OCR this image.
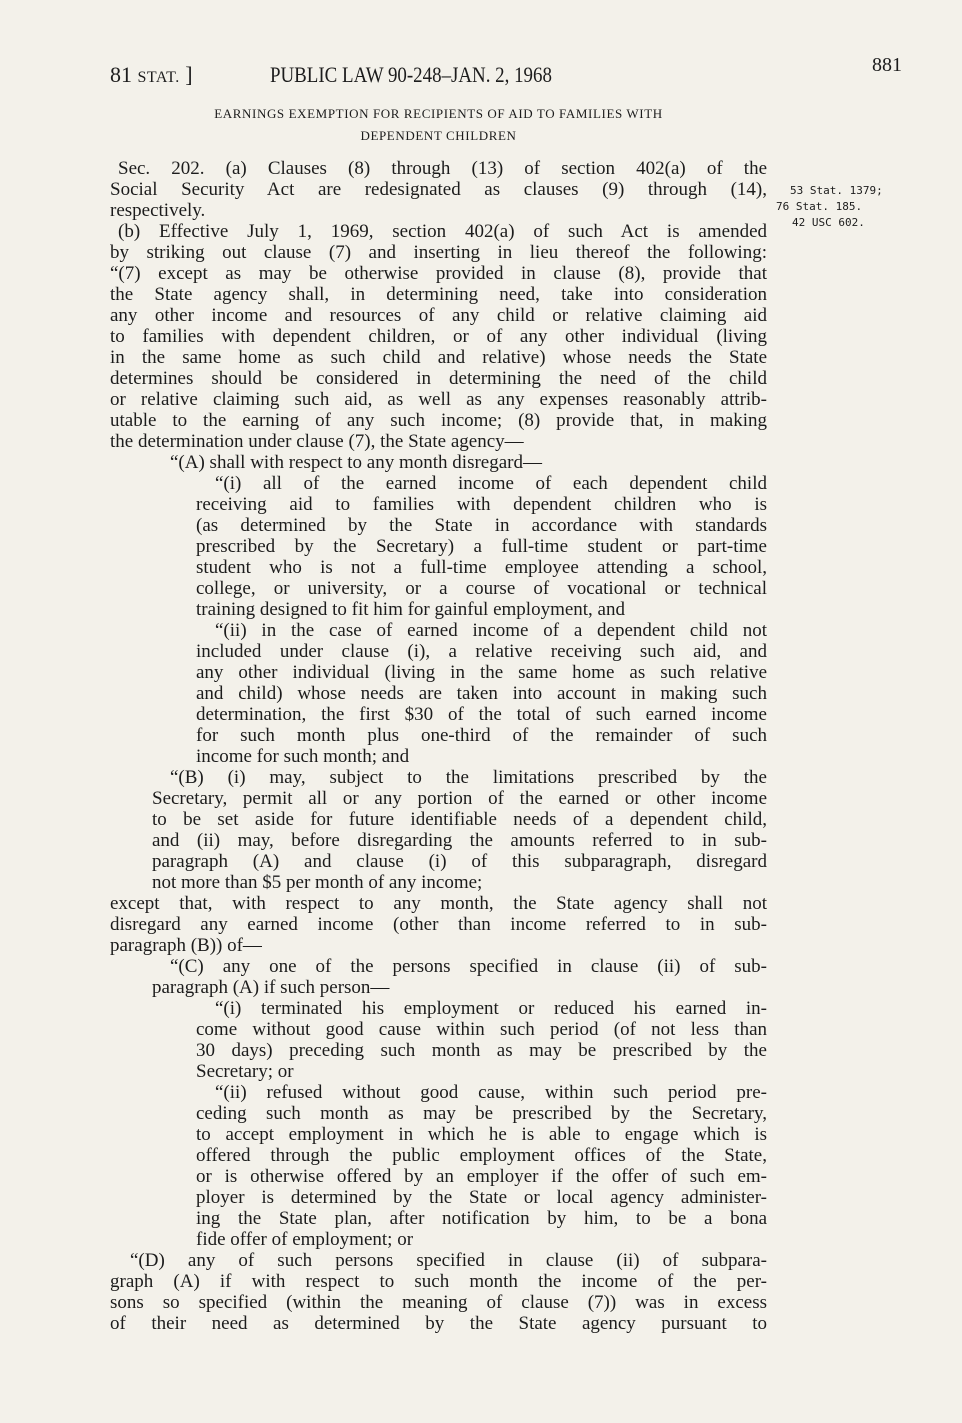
81 STAT. ]	PUBLIC LAW 90-248–JAN. 2, 1968	881
EARNINGS EXEMPTION FOR RECIPIENTS OF AID TO FAMILIES WITH
DEPENDENT CHILDREN
53 Stat. 1379;
76 Stat. 185.
42 USC 602.
Sec. 202. (a) Clauses (8) through (13) of section 402(a) of the
Social Security Act are redesignated as clauses (9) through (14),
respectively.
(b) Effective July 1, 1969, section 402(a) of such Act is amended
by striking out clause (7) and inserting in lieu thereof the following:
“(7) except as may be otherwise provided in clause (8), provide that
the State agency shall, in determining need, take into consideration
any other income and resources of any child or relative claiming aid
to families with dependent children, or of any other individual (living
in the same home as such child and relative) whose needs the State
determines should be considered in determining the need of the child
or relative claiming such aid, as well as any expenses reasonably attrib-
utable to the earning of any such income; (8) provide that, in making
the determination under clause (7), the State agency—
“(A) shall with respect to any month disregard—
“(i) all of the earned income of each dependent child
receiving aid to families with dependent children who is
(as determined by the State in accordance with standards
prescribed by the Secretary) a full-time student or part-time
student who is not a full-time employee attending a school,
college, or university, or a course of vocational or technical
training designed to fit him for gainful employment, and
“(ii) in the case of earned income of a dependent child not
included under clause (i), a relative receiving such aid, and
any other individual (living in the same home as such relative
and child) whose needs are taken into account in making such
determination, the first $30 of the total of such earned income
for such month plus one-third of the remainder of such
income for such month; and
“(B) (i) may, subject to the limitations prescribed by the
Secretary, permit all or any portion of the earned or other income
to be set aside for future identifiable needs of a dependent child,
and (ii) may, before disregarding the amounts referred to in sub-
paragraph (A) and clause (i) of this subparagraph, disregard
not more than $5 per month of any income;
except that, with respect to any month, the State agency shall not
disregard any earned income (other than income referred to in sub-
paragraph (B)) of—
“(C) any one of the persons specified in clause (ii) of sub-
paragraph (A) if such person—
“(i) terminated his employment or reduced his earned in-
come without good cause within such period (of not less than
30 days) preceding such month as may be prescribed by the
Secretary; or
“(ii) refused without good cause, within such period pre-
ceding such month as may be prescribed by the Secretary,
to accept employment in which he is able to engage which is
offered through the public employment offices of the State,
or is otherwise offered by an employer if the offer of such em-
ployer is determined by the State or local agency administer-
ing the State plan, after notification by him, to be a bona
fide offer of employment; or
“(D) any of such persons specified in clause (ii) of subpara-
graph (A) if with respect to such month the income of the per-
sons so specified (within the meaning of clause (7)) was in excess
of their need as determined by the State agency pursuant to
